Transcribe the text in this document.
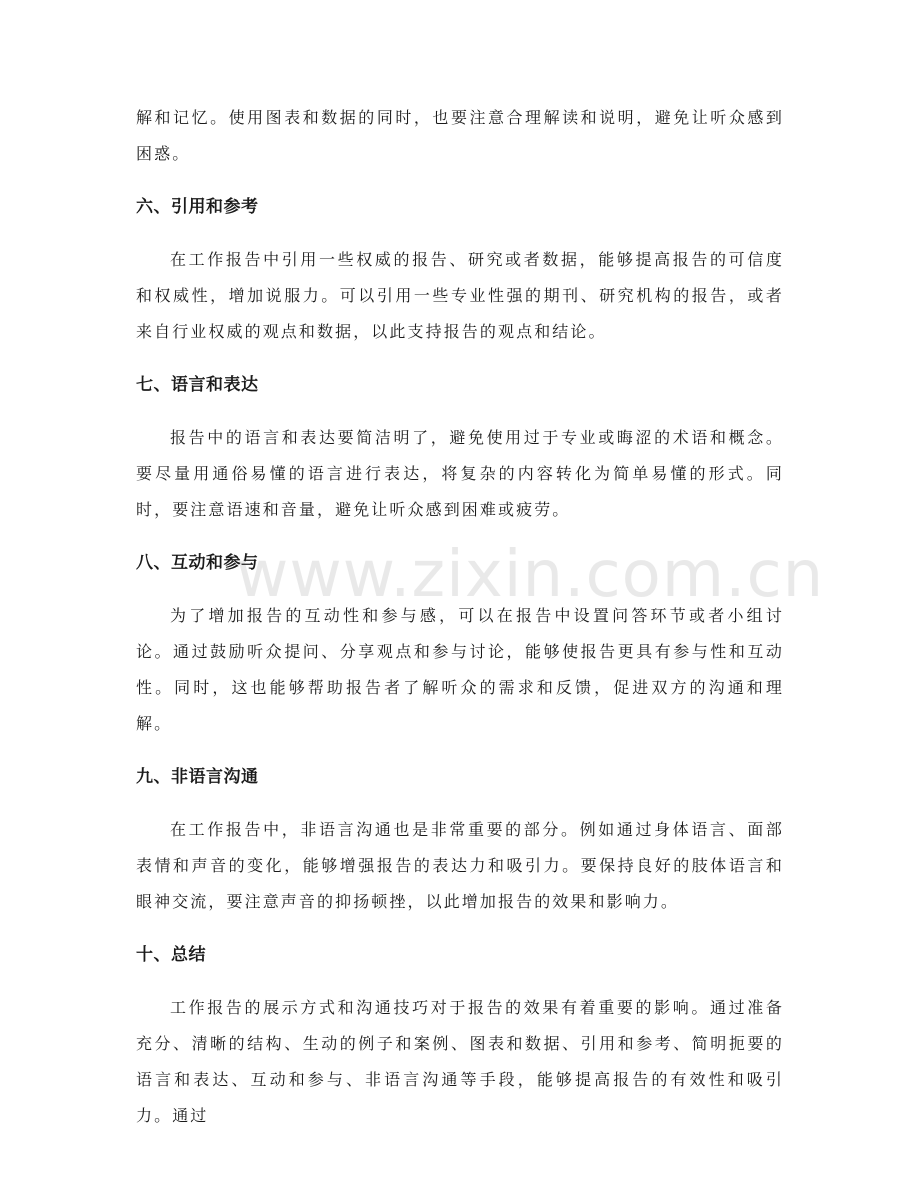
www.zixin.com.cn

解和记忆。使用图表和数据的同时，也要注意合理解读和说明，避免让听众感到困惑。

六、引用和参考

在工作报告中引用一些权威的报告、研究或者数据，能够提高报告的可信度和权威性，增加说服力。可以引用一些专业性强的期刊、研究机构的报告，或者来自行业权威的观点和数据，以此支持报告的观点和结论。

七、语言和表达

报告中的语言和表达要简洁明了，避免使用过于专业或晦涩的术语和概念。要尽量用通俗易懂的语言进行表达，将复杂的内容转化为简单易懂的形式。同时，要注意语速和音量，避免让听众感到困难或疲劳。

八、互动和参与

为了增加报告的互动性和参与感，可以在报告中设置问答环节或者小组讨论。通过鼓励听众提问、分享观点和参与讨论，能够使报告更具有参与性和互动性。同时，这也能够帮助报告者了解听众的需求和反馈，促进双方的沟通和理解。

九、非语言沟通

在工作报告中，非语言沟通也是非常重要的部分。例如通过身体语言、面部表情和声音的变化，能够增强报告的表达力和吸引力。要保持良好的肢体语言和眼神交流，要注意声音的抑扬顿挫，以此增加报告的效果和影响力。

十、总结

工作报告的展示方式和沟通技巧对于报告的效果有着重要的影响。通过准备充分、清晰的结构、生动的例子和案例、图表和数据、引用和参考、简明扼要的语言和表达、互动和参与、非语言沟通等手段，能够提高报告的有效性和吸引力。通过
